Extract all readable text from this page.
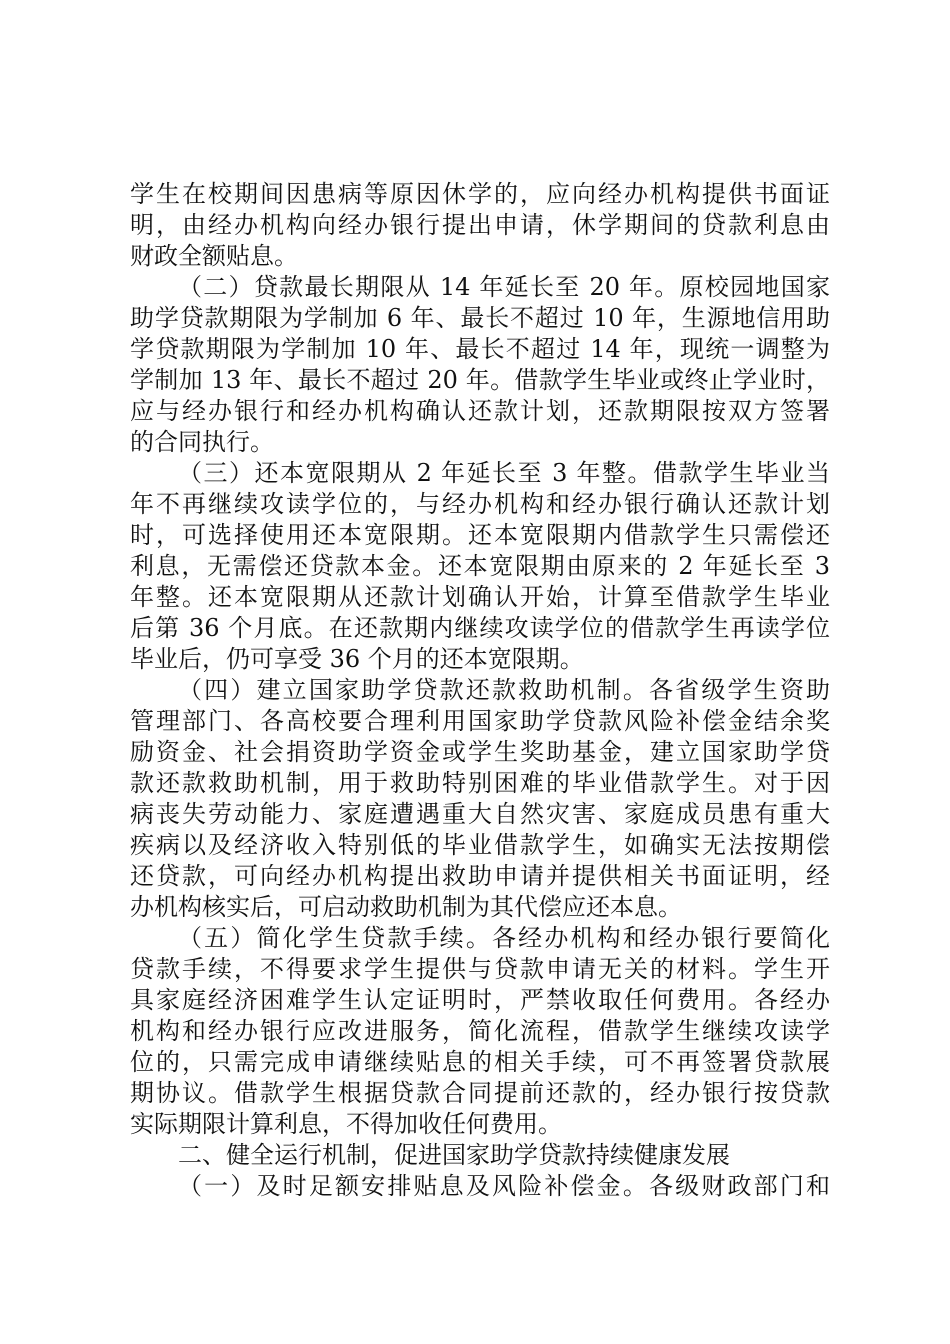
学生在校期间因患病等原因休学的，应向经办机构提供书面证
明，由经办机构向经办银行提出申请，休学期间的贷款利息由
财政全额贴息。
（二）贷款最长期限从 14 年延长至 20 年。原校园地国家
助学贷款期限为学制加 6 年、最长不超过 10 年，生源地信用助
学贷款期限为学制加 10 年、最长不超过 14 年，现统一调整为
学制加 13 年、最长不超过 20 年。借款学生毕业或终止学业时，
应与经办银行和经办机构确认还款计划，还款期限按双方签署
的合同执行。
（三）还本宽限期从 2 年延长至 3 年整。借款学生毕业当
年不再继续攻读学位的，与经办机构和经办银行确认还款计划
时，可选择使用还本宽限期。还本宽限期内借款学生只需偿还
利息，无需偿还贷款本金。还本宽限期由原来的 2 年延长至 3
年整。还本宽限期从还款计划确认开始，计算至借款学生毕业
后第 36 个月底。在还款期内继续攻读学位的借款学生再读学位
毕业后，仍可享受 36 个月的还本宽限期。
（四）建立国家助学贷款还款救助机制。各省级学生资助
管理部门、各高校要合理利用国家助学贷款风险补偿金结余奖
励资金、社会捐资助学资金或学生奖助基金，建立国家助学贷
款还款救助机制，用于救助特别困难的毕业借款学生。对于因
病丧失劳动能力、家庭遭遇重大自然灾害、家庭成员患有重大
疾病以及经济收入特别低的毕业借款学生，如确实无法按期偿
还贷款，可向经办机构提出救助申请并提供相关书面证明，经
办机构核实后，可启动救助机制为其代偿应还本息。
（五）简化学生贷款手续。各经办机构和经办银行要简化
贷款手续，不得要求学生提供与贷款申请无关的材料。学生开
具家庭经济困难学生认定证明时，严禁收取任何费用。各经办
机构和经办银行应改进服务，简化流程，借款学生继续攻读学
位的，只需完成申请继续贴息的相关手续，可不再签署贷款展
期协议。借款学生根据贷款合同提前还款的，经办银行按贷款
实际期限计算利息，不得加收任何费用。
二、健全运行机制，促进国家助学贷款持续健康发展
（一）及时足额安排贴息及风险补偿金。各级财政部门和
